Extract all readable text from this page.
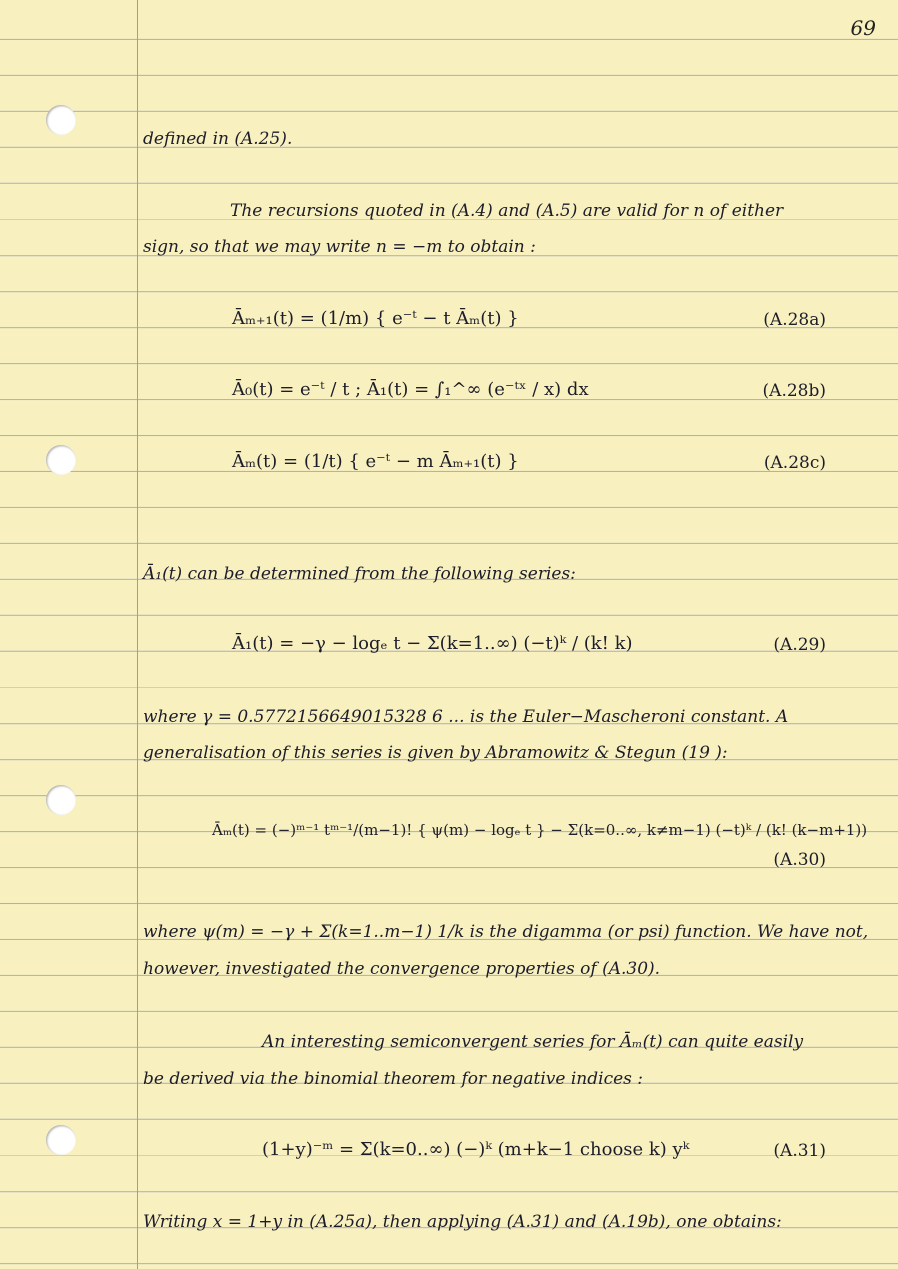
69
defined in (A.25).
The recursions quoted in (A.4) and (A.5) are valid for n of either
sign, so that we may write n = −m to obtain :
Āₘ₊₁(t) = (1/m) { e⁻ᵗ − t Āₘ(t) }	(A.28a)
Ā₀(t) = e⁻ᵗ / t ; Ā₁(t) = ∫₁^∞ (e⁻ᵗˣ / x) dx	(A.28b)
Āₘ(t) = (1/t) { e⁻ᵗ − m Āₘ₊₁(t) }	(A.28c)
Ā₁(t) can be determined from the following series:
Ā₁(t) = −γ − logₑ t − Σ(k=1..∞) (−t)ᵏ / (k! k)	(A.29)
where γ = 0.5772156649015328 6 ... is the Euler−Mascheroni constant. A
generalisation of this series is given by Abramowitz & Stegun (19 ):
Āₘ(t) = (−)ᵐ⁻¹ tᵐ⁻¹/(m−1)! { ψ(m) − logₑ t } − Σ(k=0..∞, k≠m−1) (−t)ᵏ / (k! (k−m+1))
(A.30)
where ψ(m) = −γ + Σ(k=1..m−1) 1/k is the digamma (or psi) function. We have not,
however, investigated the convergence properties of (A.30).
An interesting semiconvergent series for Āₘ(t) can quite easily
be derived via the binomial theorem for negative indices :
(1+y)⁻ᵐ = Σ(k=0..∞) (−)ᵏ (m+k−1 choose k) yᵏ	(A.31)
Writing x = 1+y in (A.25a), then applying (A.31) and (A.19b), one obtains:
